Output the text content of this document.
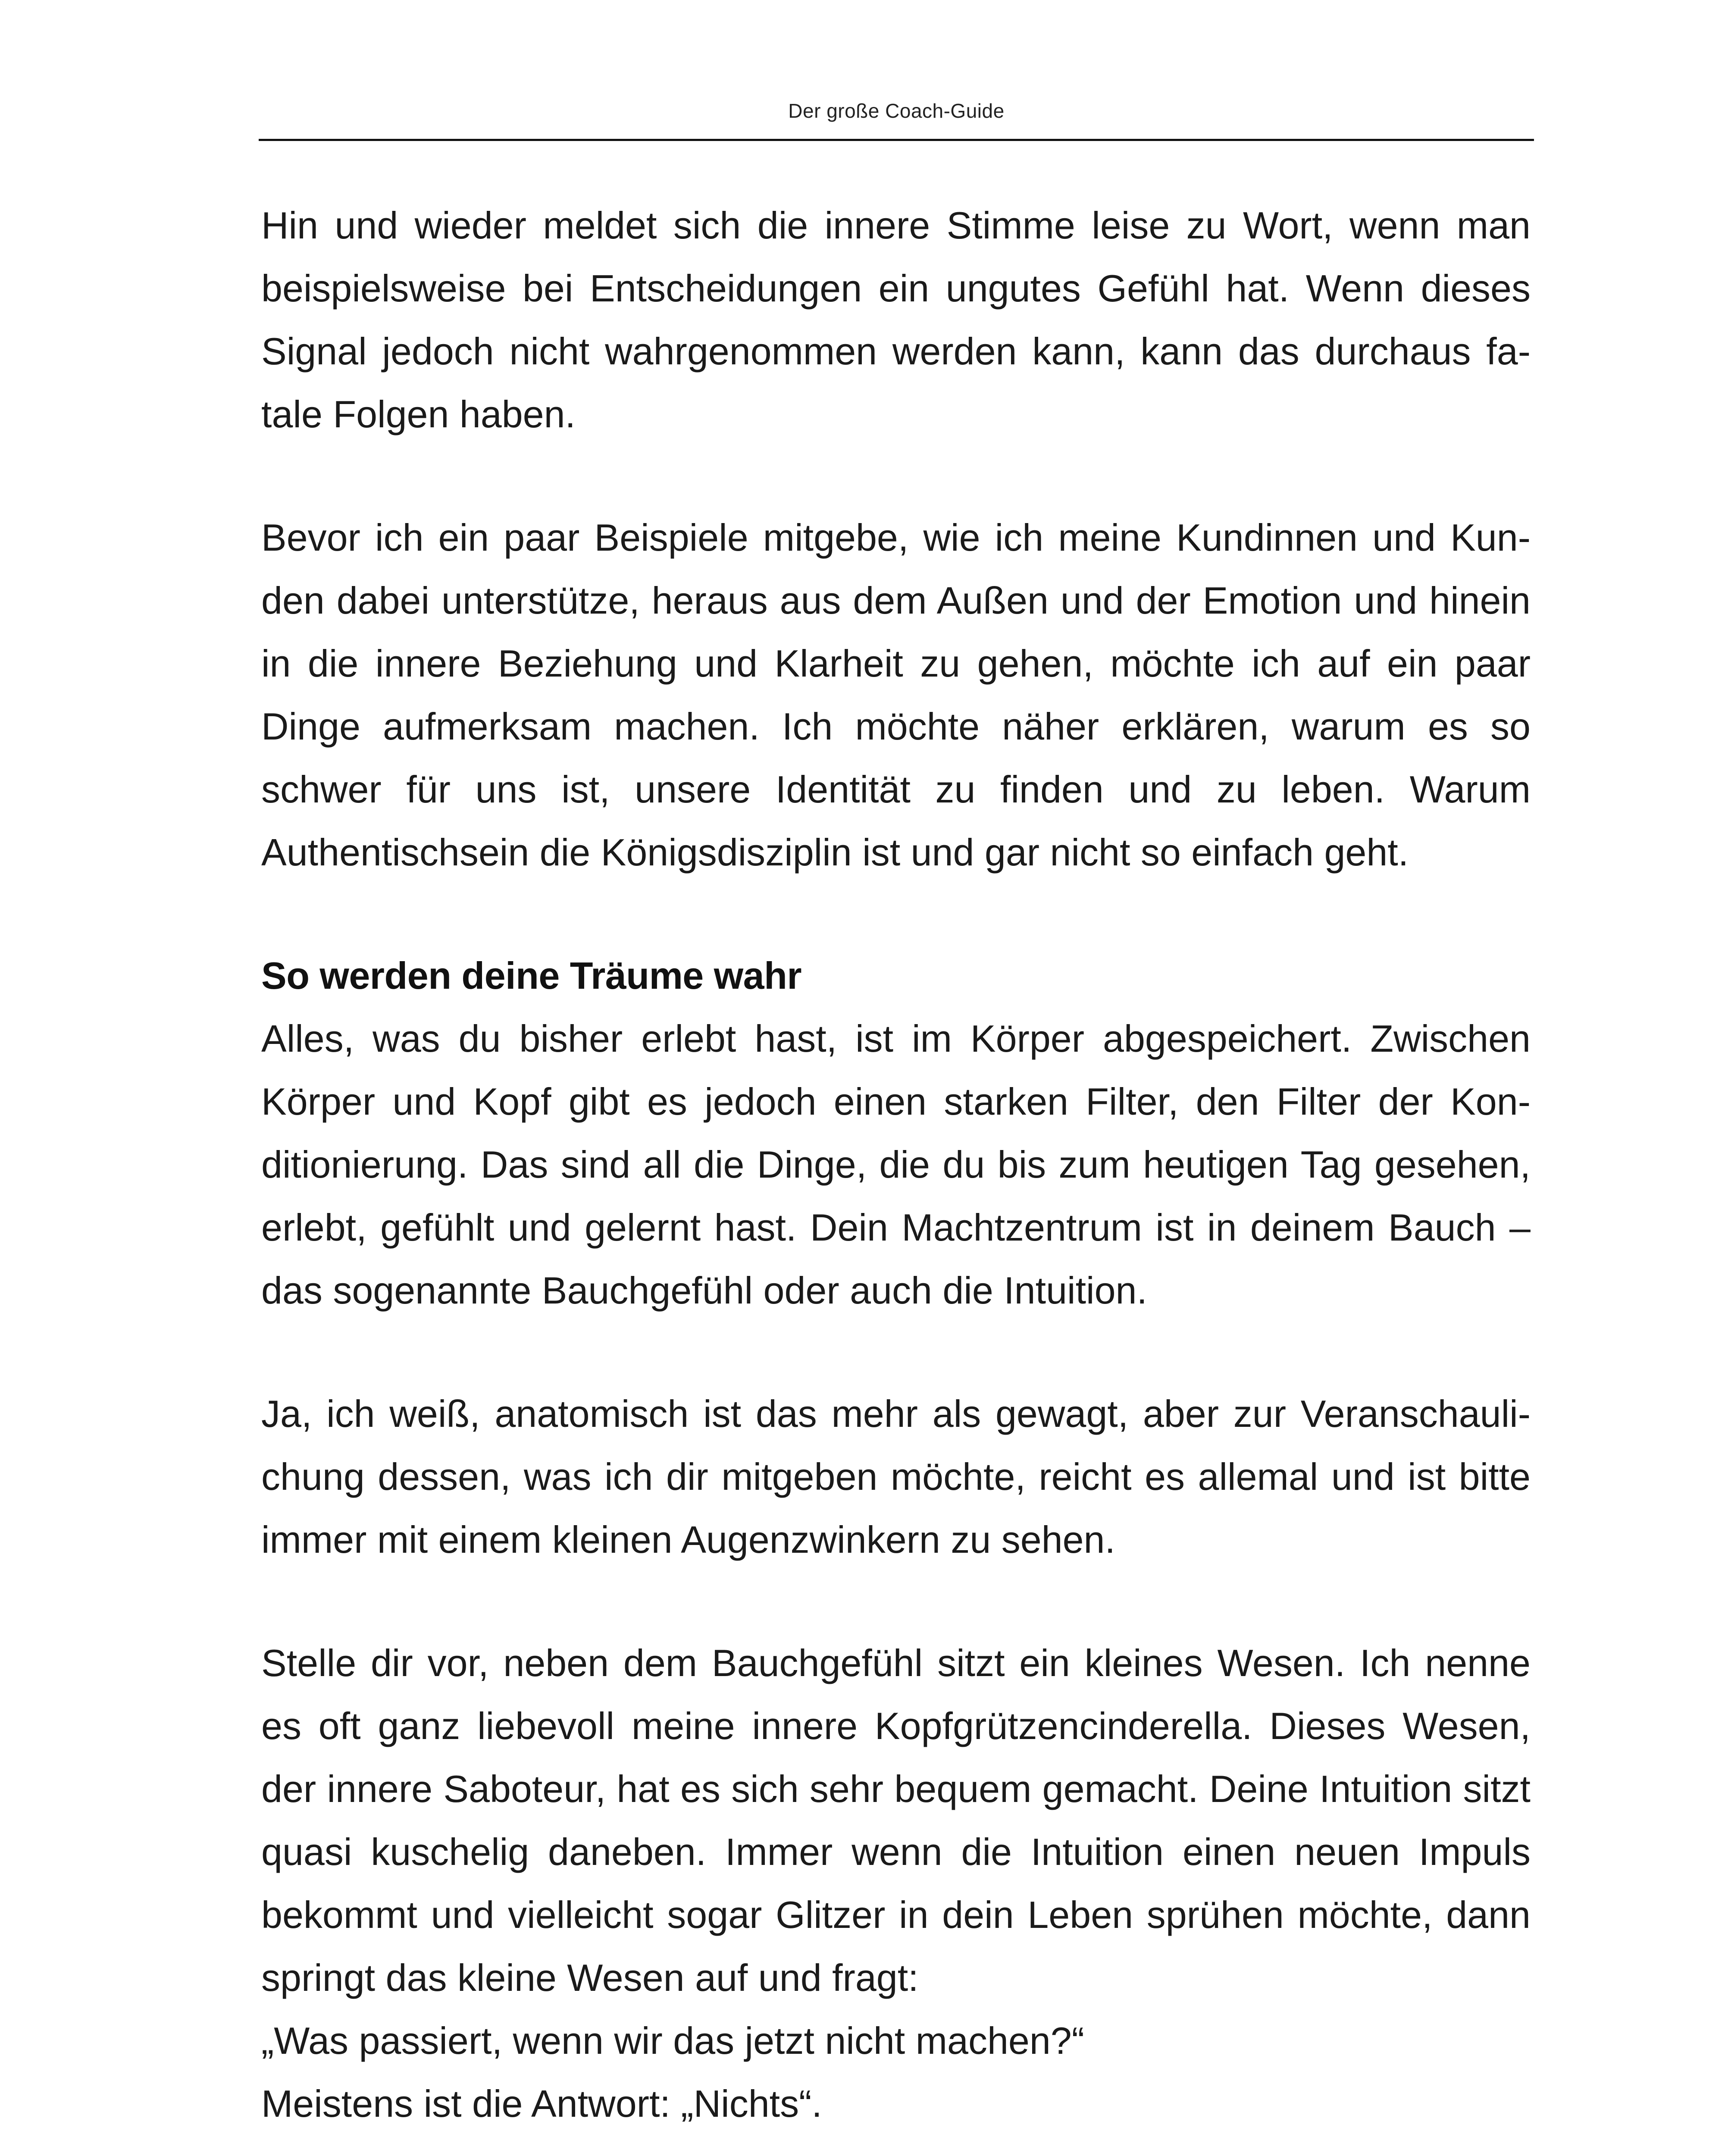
Der große Coach-Guide

Hin und wieder meldet sich die innere Stimme leise zu Wort, wenn man beispielsweise bei Entscheidungen ein ungutes Gefühl hat. Wenn dieses Signal jedoch nicht wahrgenommen werden kann, kann das durchaus fatale Folgen haben.

Bevor ich ein paar Beispiele mitgebe, wie ich meine Kundinnen und Kunden dabei unterstütze, heraus aus dem Außen und der Emotion und hinein in die innere Beziehung und Klarheit zu gehen, möchte ich auf ein paar Dinge aufmerksam machen. Ich möchte näher erklären, warum es so schwer für uns ist, unsere Identität zu finden und zu leben. Warum Authentischsein die Königsdisziplin ist und gar nicht so einfach geht.

So werden deine Träume wahr

Alles, was du bisher erlebt hast, ist im Körper abgespeichert. Zwischen Körper und Kopf gibt es jedoch einen starken Filter, den Filter der Konditionierung. Das sind all die Dinge, die du bis zum heutigen Tag gesehen, erlebt, gefühlt und gelernt hast. Dein Machtzentrum ist in deinem Bauch – das sogenannte Bauchgefühl oder auch die Intuition.

Ja, ich weiß, anatomisch ist das mehr als gewagt, aber zur Veranschaulichung dessen, was ich dir mitgeben möchte, reicht es allemal und ist bitte immer mit einem kleinen Augenzwinkern zu sehen.

Stelle dir vor, neben dem Bauchgefühl sitzt ein kleines Wesen. Ich nenne es oft ganz liebevoll meine innere Kopfgrützencinderella. Dieses Wesen, der innere Saboteur, hat es sich sehr bequem gemacht. Deine Intuition sitzt quasi kuschelig daneben. Immer wenn die Intuition einen neuen Impuls bekommt und vielleicht sogar Glitzer in dein Leben sprühen möchte, dann springt das kleine Wesen auf und fragt:

„Was passiert, wenn wir das jetzt nicht machen?“

Meistens ist die Antwort: „Nichts“.
